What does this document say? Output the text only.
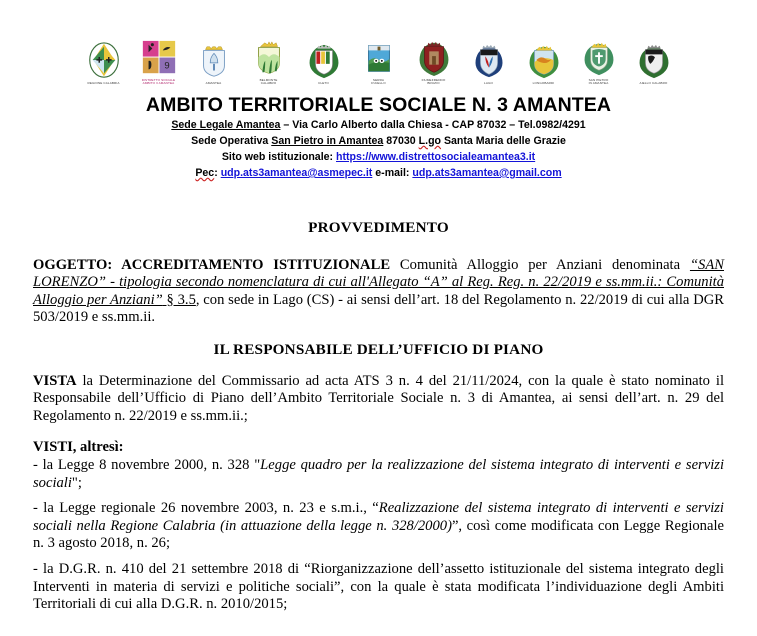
REGIONE CALABRIA
9
DISTRETTO SOCIALE
AMBITO 3 AMANTEA	AMANTEA
BELMONTE
CALABRO	CLETO
SERRA
D'AIELLO
FIUMEFREDDO
BRUZIO	LAGO	LONGOBARDI
SAN PIETRO
IN AMANTEA	AIELLO CALABRO
AMBITO TERRITORIALE SOCIALE N. 3 AMANTEA
Sede Legale Amantea – Via Carlo Alberto dalla Chiesa - CAP 87032 – Tel.0982/4291
Sede Operativa San Pietro in Amantea 87030 L.go Santa Maria delle Grazie
Sito web istituzionale: https://www.distrettosocialeamantea3.it
Pec: udp.ats3amantea@asmepec.it e-mail: udp.ats3amantea@gmail.com
PROVVEDIMENTO

OGGETTO: ACCREDITAMENTO ISTITUZIONALE Comunità Alloggio per Anziani denominata “SAN LORENZO” - tipologia secondo nomenclatura di cui all'Allegato “A” al Reg. Reg. n. 22/2019 e ss.mm.ii.: Comunità Alloggio per Anziani” § 3.5, con sede in Lago (CS) - ai sensi dell’art. 18 del Regolamento n. 22/2019 di cui alla DGR 503/2019 e ss.mm.ii.

IL RESPONSABILE DELL’UFFICIO DI PIANO

VISTA la Determinazione del Commissario ad acta ATS 3 n. 4 del 21/11/2024, con la quale è stato nominato il Responsabile dell’Ufficio di Piano dell’Ambito Territoriale Sociale n. 3 di Amantea, ai sensi dell’art. n. 29 del Regolamento n. 22/2019 e ss.mm.ii.;

VISTI, altresì:

- la Legge 8 novembre 2000, n. 328 "Legge quadro per la realizzazione del sistema integrato di interventi e servizi sociali";

- la Legge regionale 26 novembre 2003, n. 23 e s.m.i., “Realizzazione del sistema integrato di interventi e servizi sociali nella Regione Calabria (in attuazione della legge n. 328/2000)”, così come modificata con Legge Regionale n. 3 agosto 2018, n. 26;

- la D.G.R. n. 410 del 21 settembre 2018 di “Riorganizzazione dell’assetto istituzionale del sistema integrato degli Interventi in materia di servizi e politiche sociali”, con la quale è stata modificata l’individuazione degli Ambiti Territoriali di cui alla D.G.R. n. 2010/2015;
